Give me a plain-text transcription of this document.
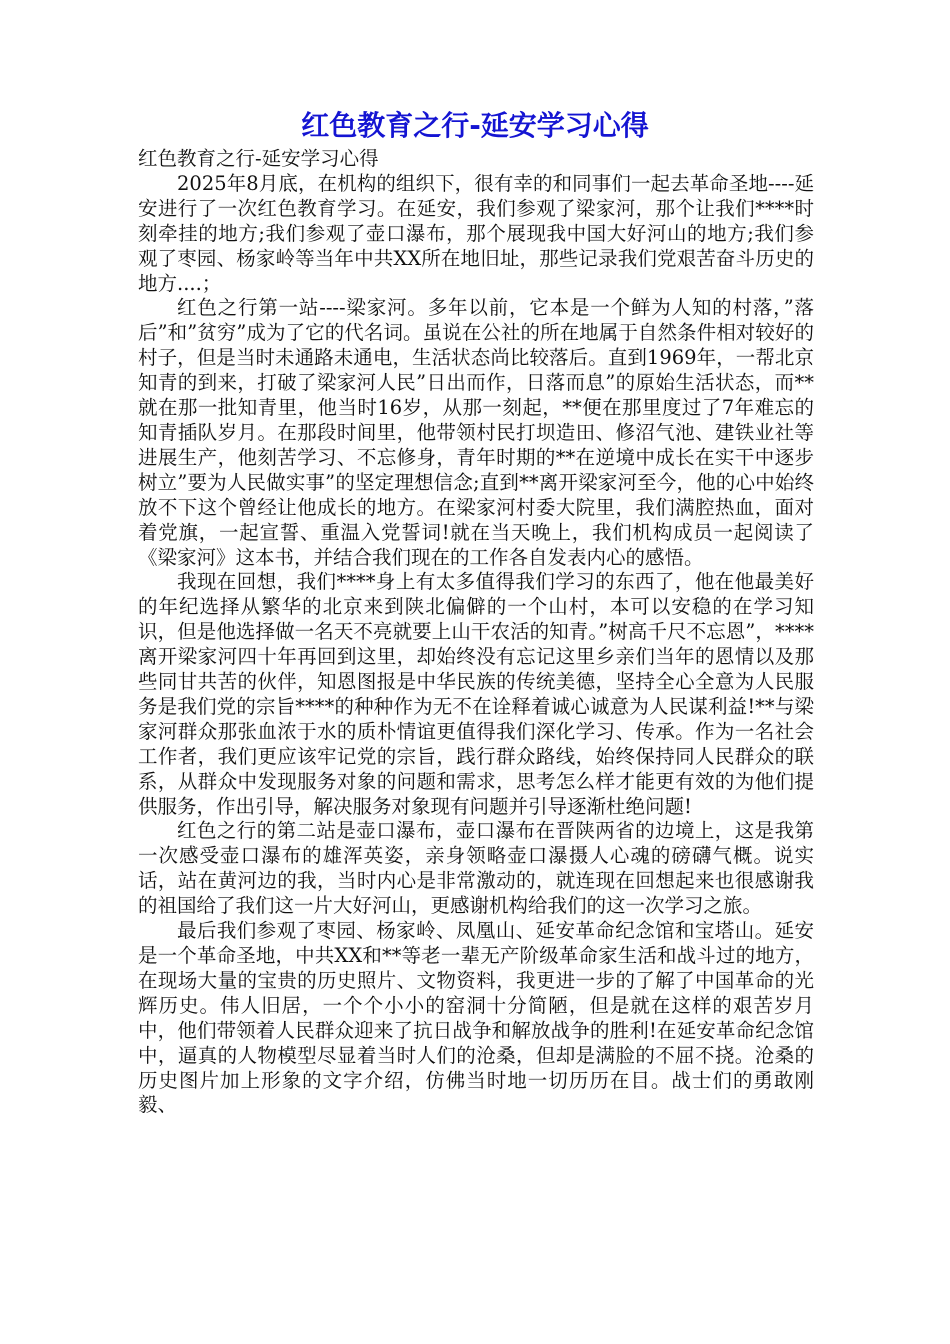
红色教育之行-延安学习心得

红色教育之行-延安学习心得

2025年8月底，在机构的组织下，很有幸的和同事们一起去革命圣地----延安进行了一次红色教育学习。在延安，我们参观了梁家河，那个让我们****时刻牵挂的地方;我们参观了壶口瀑布，那个展现我中国大好河山的地方;我们参观了枣园、杨家岭等当年中共XX所在地旧址，那些记录我们党艰苦奋斗历史的地方....；

红色之行第一站----梁家河。多年以前，它本是一个鲜为人知的村落，”落后”和”贫穷”成为了它的代名词。虽说在公社的所在地属于自然条件相对较好的村子，但是当时未通路未通电，生活状态尚比较落后。直到1969年，一帮北京知青的到来，打破了梁家河人民”日出而作，日落而息”的原始生活状态，而**就在那一批知青里，他当时16岁，从那一刻起，**便在那里度过了7年难忘的知青插队岁月。在那段时间里，他带领村民打坝造田、修沼气池、建铁业社等进展生产，他刻苦学习、不忘修身，青年时期的**在逆境中成长在实干中逐步树立”要为人民做实事”的坚定理想信念;直到**离开梁家河至今，他的心中始终放不下这个曾经让他成长的地方。在梁家河村委大院里，我们满腔热血，面对着党旗，一起宣誓、重温入党誓词!就在当天晚上，我们机构成员一起阅读了《梁家河》这本书，并结合我们现在的工作各自发表内心的感悟。

我现在回想，我们****身上有太多值得我们学习的东西了，他在他最美好的年纪选择从繁华的北京来到陕北偏僻的一个山村，本可以安稳的在学习知识，但是他选择做一名天不亮就要上山干农活的知青。”树高千尺不忘恩”，****离开梁家河四十年再回到这里，却始终没有忘记这里乡亲们当年的恩情以及那些同甘共苦的伙伴，知恩图报是中华民族的传统美德，坚持全心全意为人民服务是我们党的宗旨****的种种作为无不在诠释着诚心诚意为人民谋利益!**与梁家河群众那张血浓于水的质朴情谊更值得我们深化学习、传承。作为一名社会工作者，我们更应该牢记党的宗旨，践行群众路线，始终保持同人民群众的联系，从群众中发现服务对象的问题和需求，思考怎么样才能更有效的为他们提供服务，作出引导，解决服务对象现有问题并引导逐渐杜绝问题!

红色之行的第二站是壶口瀑布，壶口瀑布在晋陕两省的边境上，这是我第一次感受壶口瀑布的雄浑英姿，亲身领略壶口瀑摄人心魂的磅礴气概。说实话，站在黄河边的我，当时内心是非常激动的，就连现在回想起来也很感谢我的祖国给了我们这一片大好河山，更感谢机构给我们的这一次学习之旅。

最后我们参观了枣园、杨家岭、凤凰山、延安革命纪念馆和宝塔山。延安是一个革命圣地，中共XX和**等老一辈无产阶级革命家生活和战斗过的地方，在现场大量的宝贵的历史照片、文物资料，我更进一步的了解了中国革命的光辉历史。伟人旧居，一个个小小的窑洞十分简陋，但是就在这样的艰苦岁月中，他们带领着人民群众迎来了抗日战争和解放战争的胜利!在延安革命纪念馆中，逼真的人物模型尽显着当时人们的沧桑，但却是满脸的不屈不挠。沧桑的历史图片加上形象的文字介绍，仿佛当时地一切历历在目。战士们的勇敢刚毅、
